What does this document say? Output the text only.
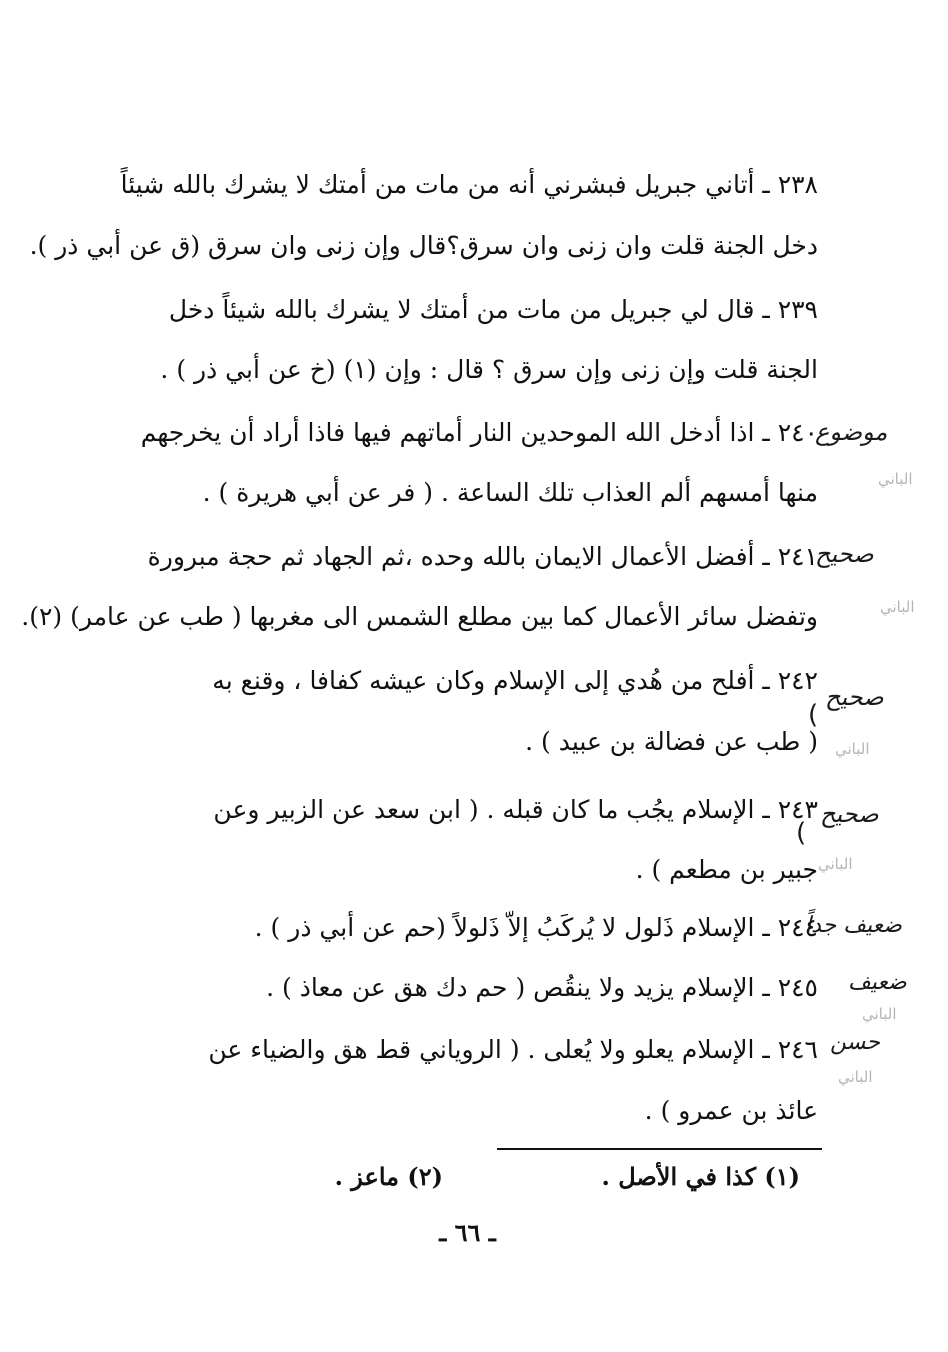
٢٣٨ ـ أتاني جبريل فبشرني أنه من مات من أمتك لا يشرك بالله شيئاً
دخل الجنة قلت وان زنى وان سرق؟قال وإن زنى وان سرق (ق عن أبي ذر ).
٢٣٩ ـ قال لي جبريل من مات من أمتك لا يشرك بالله شيئاً دخل
الجنة قلت وإن زنى وإن سرق ؟ قال : وإن (١) (خ عن أبي ذر ) .
٢٤٠ ـ اذا أدخل الله الموحدين النار أماتهم فيها فاذا أراد أن يخرجهم
منها أمسهم ألم العذاب تلك الساعة . ( فر عن أبي هريرة ) .
٢٤١ ـ أفضل الأعمال الايمان بالله وحده ،ثم الجهاد ثم حجة مبرورة
وتفضل سائر الأعمال كما بين مطلع الشمس الى مغربها ( طب عن عامر) (٢).
٢٤٢ ـ أفلح من هُدي إلى الإسلام وكان عيشه كفافا ، وقنع به
( طب عن فضالة بن عبيد ) .
٢٤٣ ـ الإسلام يجُب ما كان قبله . ( ابن سعد عن الزبير وعن
جبير بن مطعم ) .
٢٤٤ ـ الإسلام ذَلول لا يُركَبُ إلاّ ذَلولاً (حم عن أبي ذر ) .
٢٤٥ ـ الإسلام يزيد ولا ينقُص ( حم دك هق عن معاذ ) .
٢٤٦ ـ الإسلام يعلو ولا يُعلى . ( الروياني قط هق والضياء عن
عائذ بن عمرو ) .
موضوع
الباني
صحيح
الباني
صحيح
(
الباني
صحيح
(
الباني
ضعيف جداً
ضعيف
الباني
حسن
الباني
(١) كذا في الأصل .
(٢) ماعز .
ـ ٦٦ ـ
